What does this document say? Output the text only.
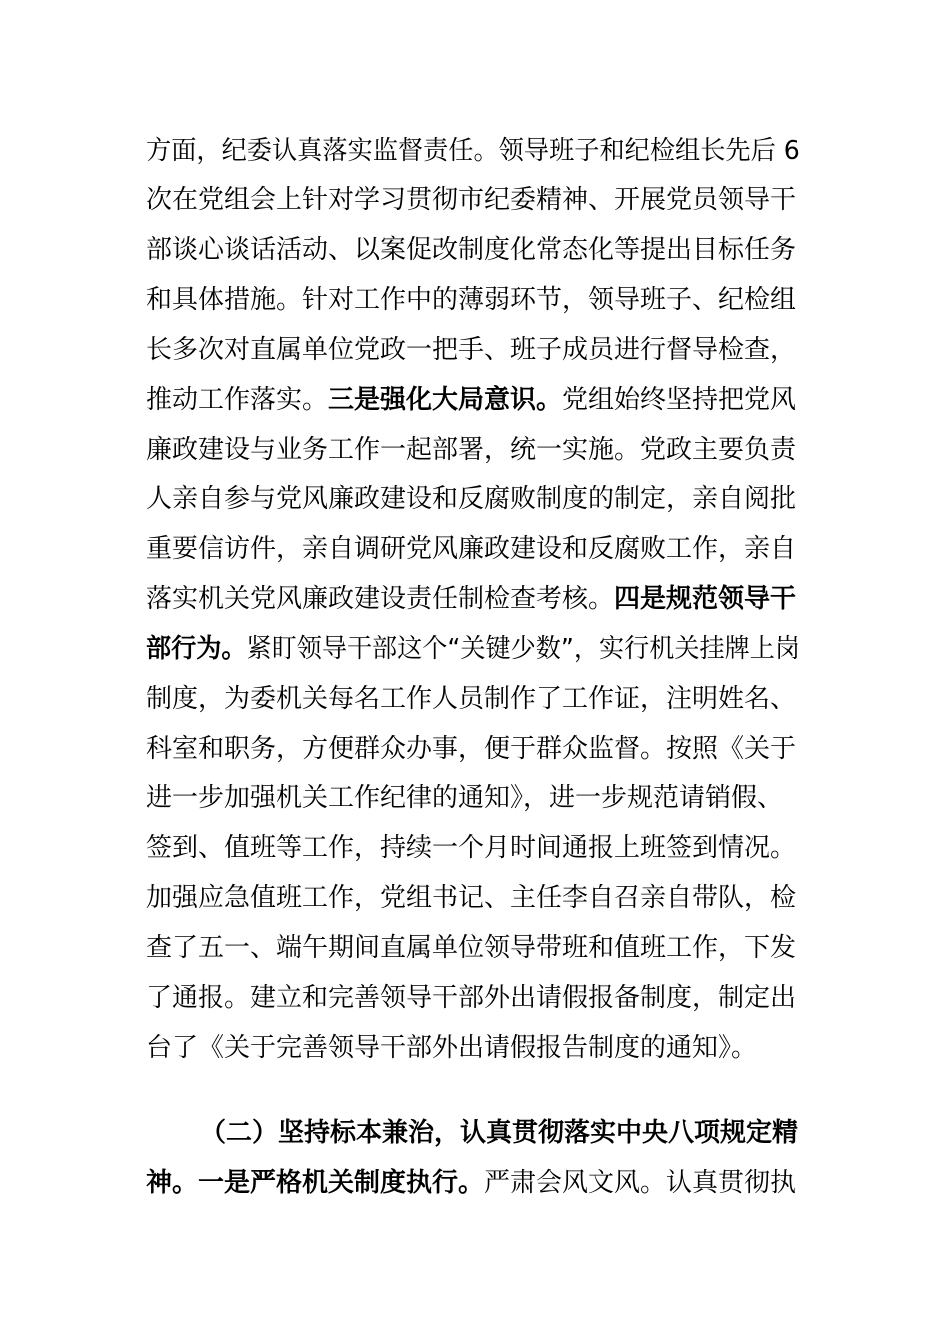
方面，纪委认真落实监督责任。领导班子和纪检组长先后 6
次在党组会上针对学习贯彻市纪委精神、开展党员领导干
部谈心谈话活动、以案促改制度化常态化等提出目标任务
和具体措施。针对工作中的薄弱环节，领导班子、纪检组
长多次对直属单位党政一把手、班子成员进行督导检查，
推动工作落实。三是强化大局意识。党组始终坚持把党风
廉政建设与业务工作一起部署，统一实施。党政主要负责
人亲自参与党风廉政建设和反腐败制度的制定，亲自阅批
重要信访件，亲自调研党风廉政建设和反腐败工作，亲自
落实机关党风廉政建设责任制检查考核。四是规范领导干
部行为。紧盯领导干部这个“关键少数”，实行机关挂牌上岗
制度，为委机关每名工作人员制作了工作证，注明姓名、
科室和职务，方便群众办事，便于群众监督。按照《关于
进一步加强机关工作纪律的通知》，进一步规范请销假、
签到、值班等工作，持续一个月时间通报上班签到情况。
加强应急值班工作，党组书记、主任李自召亲自带队，检
查了五一、端午期间直属单位领导带班和值班工作，下发
了通报。建立和完善领导干部外出请假报备制度，制定出
台了《关于完善领导干部外出请假报告制度的通知》。
（二）坚持标本兼治，认真贯彻落实中央八项规定精
神。一是严格机关制度执行。严肃会风文风。认真贯彻执
